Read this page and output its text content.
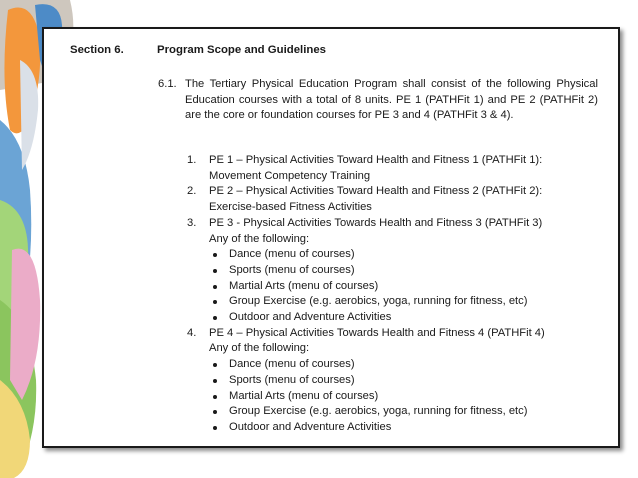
Section 6.	Program Scope and Guidelines
6.1. The Tertiary Physical Education Program shall consist of the following Physical Education courses with a total of 8 units. PE 1 (PATHFit 1) and PE 2 (PATHFit 2) are the core or foundation courses for PE 3 and 4 (PATHFit 3 & 4).
1.	PE 1 – Physical Activities Toward Health and Fitness 1 (PATHFit 1):
Movement Competency Training
2.	PE 2 – Physical Activities Toward Health and Fitness 2 (PATHFit 2):
Exercise-based Fitness Activities
3.	PE 3 - Physical Activities Towards Health and Fitness 3 (PATHFit 3)
Any of the following:
Dance (menu of courses)
Sports (menu of courses)
Martial Arts (menu of courses)
Group Exercise (e.g. aerobics, yoga, running for fitness, etc)
Outdoor and Adventure Activities
4.	PE 4 – Physical Activities Towards Health and Fitness 4 (PATHFit 4)
Any of the following:
Dance (menu of courses)
Sports (menu of courses)
Martial Arts (menu of courses)
Group Exercise (e.g. aerobics, yoga, running for fitness, etc)
Outdoor and Adventure Activities
